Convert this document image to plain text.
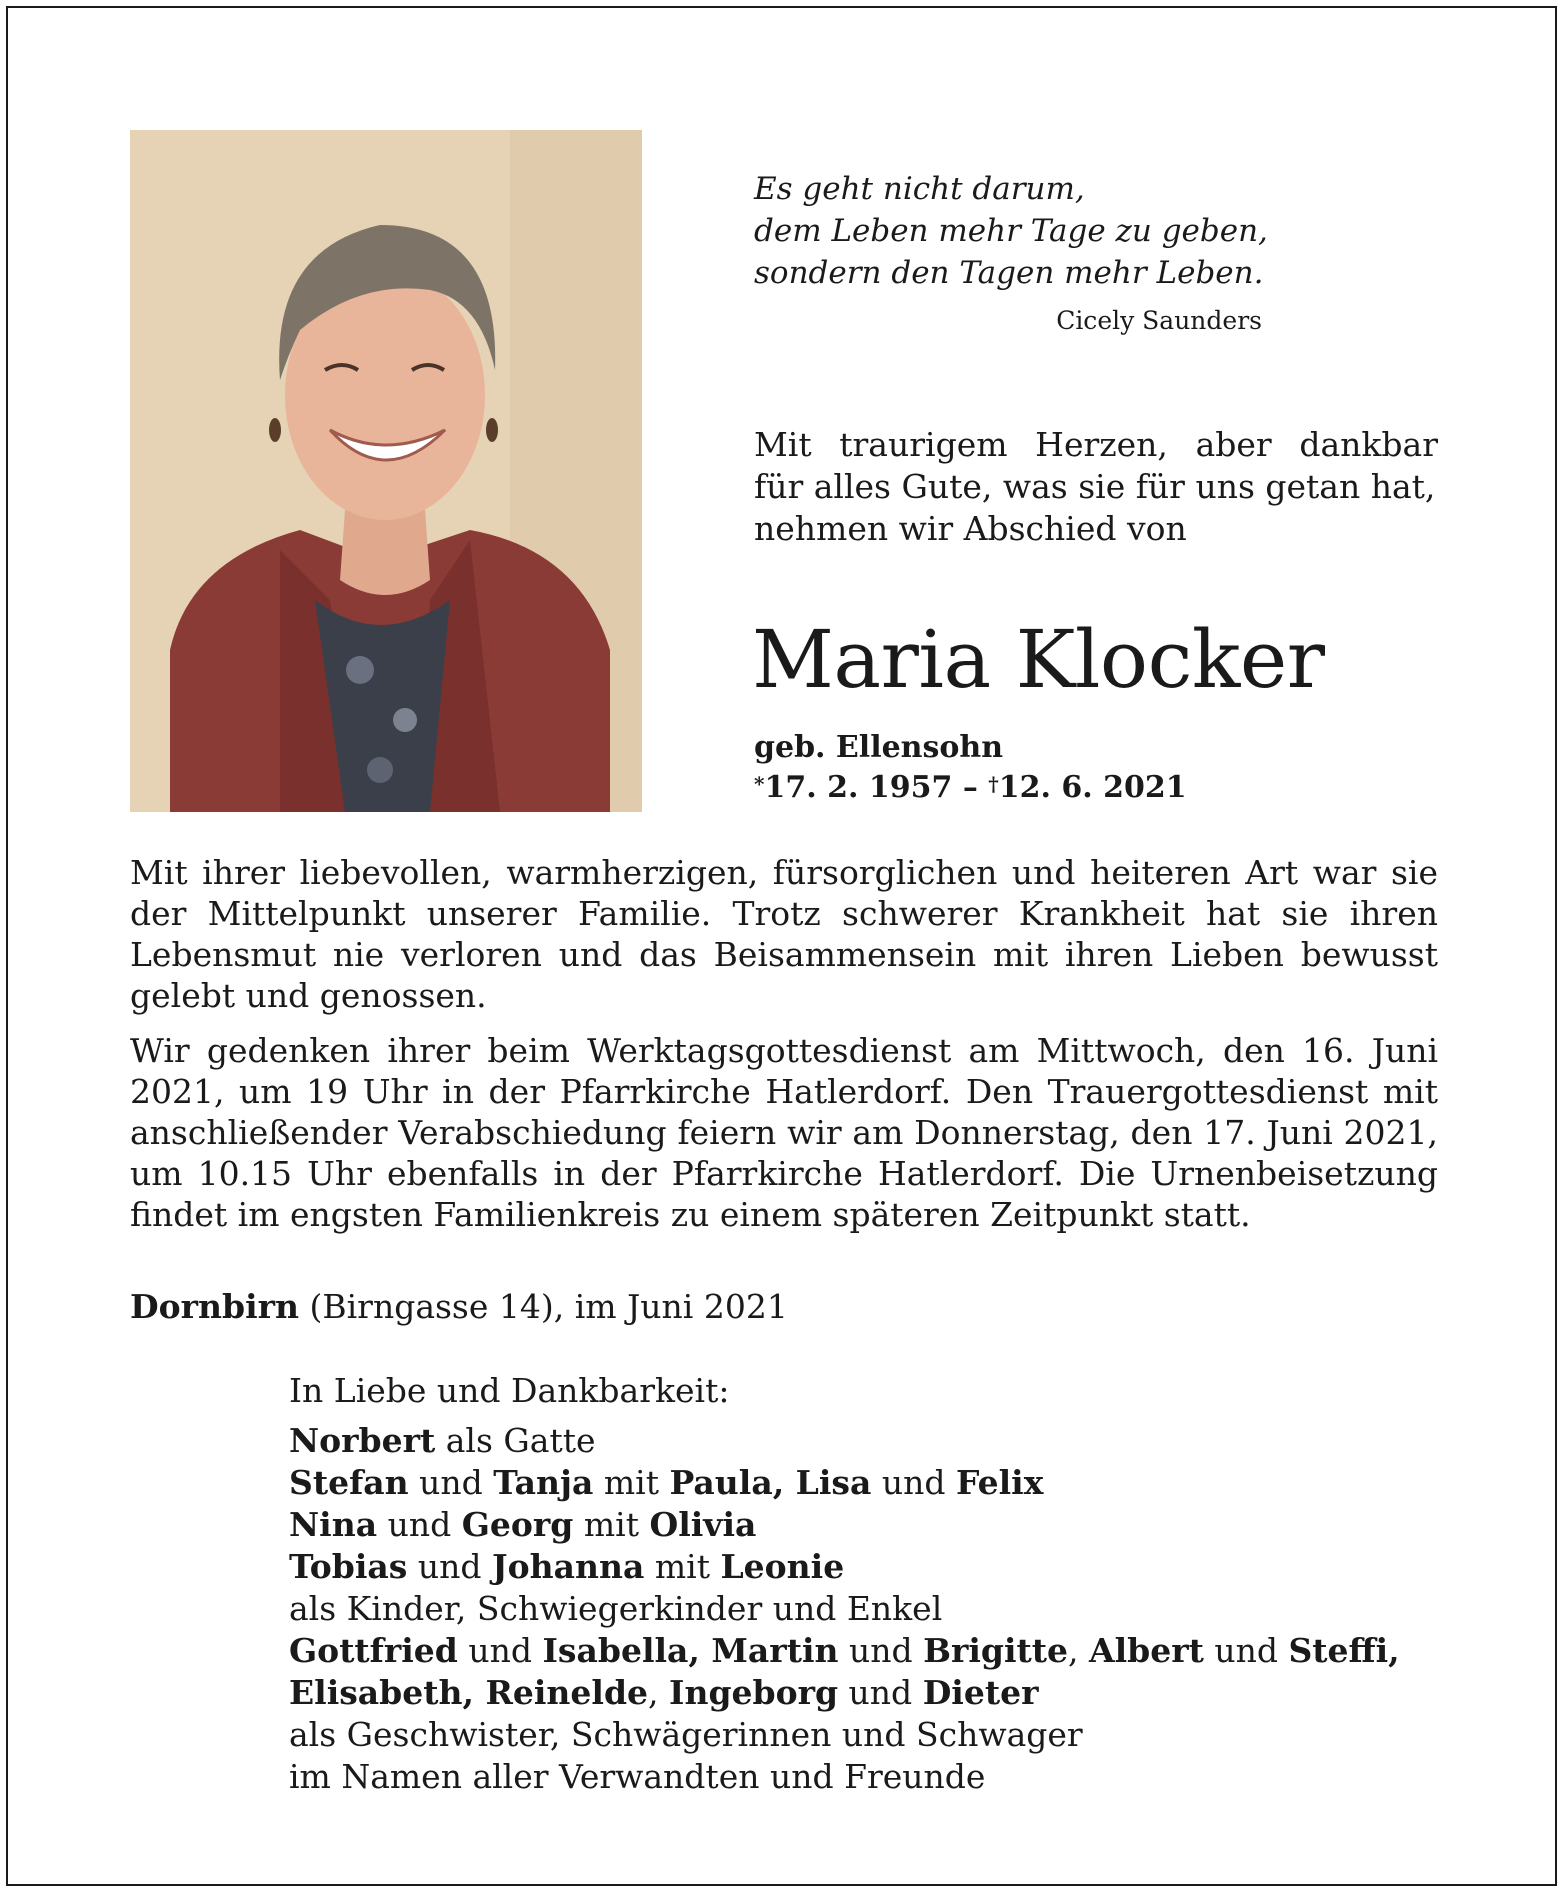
Es geht nicht darum,
dem Leben mehr Tage zu geben,
sondern den Tagen mehr Leben.
Cicely Saunders

Mit traurigem Herzen, aber dankbar

für alles Gute, was sie für uns getan hat,

nehmen wir Abschied von

Maria Klocker
geb. Ellensohn
*17. 2. 1957 – †12. 6. 2021

Mit ihrer liebevollen, warmherzigen, fürsorglichen und heiteren Art war sie der Mittelpunkt unserer Familie. Trotz schwerer Krankheit hat sie ihren Lebensmut nie verloren und das Beisammensein mit ihren Lieben bewusst gelebt und genossen.

Wir gedenken ihrer beim Werktagsgottesdienst am Mittwoch, den 16. Juni 2021, um 19 Uhr in der Pfarrkirche Hatlerdorf. Den Trauergottesdienst mit anschließender Verabschiedung feiern wir am Donnerstag, den 17. Juni 2021, um 10.15 Uhr ebenfalls in der Pfarrkirche Hatlerdorf. Die Urnenbeisetzung findet im engsten Familienkreis zu einem späteren Zeitpunkt statt.

Dornbirn (Birngasse 14), im Juni 2021
In Liebe und Dankbarkeit:
Norbert als Gatte
Stefan und Tanja mit Paula, Lisa und Felix
Nina und Georg mit Olivia
Tobias und Johanna mit Leonie
als Kinder, Schwiegerkinder und Enkel
Gottfried und Isabella, Martin und Brigitte, Albert und Steffi,
Elisabeth, Reinelde, Ingeborg und Dieter
als Geschwister, Schwägerinnen und Schwager
im Namen aller Verwandten und Freunde
